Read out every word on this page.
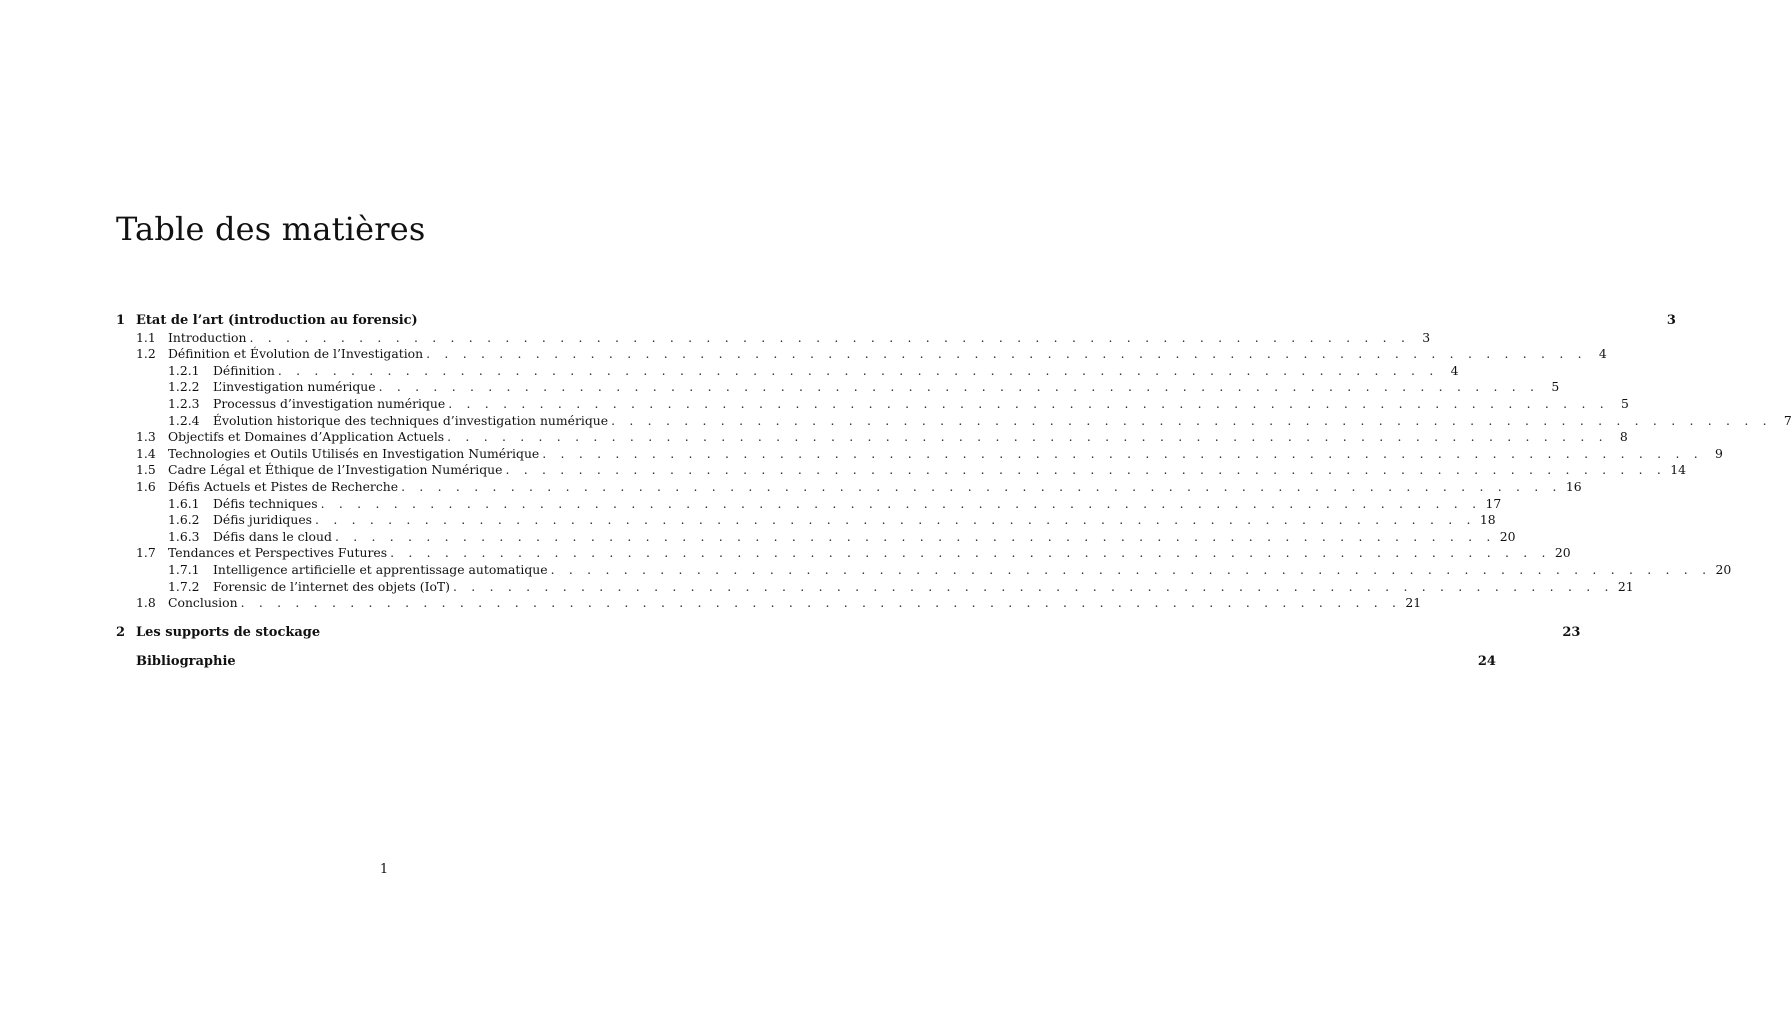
Table des matières
1 Etat de l’art (introduction au forensic)	3
1.1 Introduction . . . . . . . . . . . . . . . . . . . . . . . . . . . . . . . . . . . . . . . . . . . . . . . . . . . . . . . . . . . . . . . . 3
1.2 Définition et Évolution de l’Investigation . . . . . . . . . . . . . . . . . . . . . . . . . . . . . . . . . . . . . . . . . . . . . . . . . . . . . . . . . . . . . . . . 4
1.2.1	Définition . . . . . . . . . . . . . . . . . . . . . . . . . . . . . . . . . . . . . . . . . . . . . . . . . . . . . . . . . . . . . . . . 4
1.2.2	L’investigation numérique . . . . . . . . . . . . . . . . . . . . . . . . . . . . . . . . . . . . . . . . . . . . . . . . . . . . . . . . . . . . . . . . 5
1.2.3	Processus d’investigation numérique . . . . . . . . . . . . . . . . . . . . . . . . . . . . . . . . . . . . . . . . . . . . . . . . . . . . . . . . . . . . . . . . 5
1.2.4	Évolution historique des techniques d’investigation numérique . . . . . . . . . . . . . . . . . . . . . . . . . . . . . . . . . . . . . . . . . . . . . . . . . . . . . . . . . . . . . . . . 7
1.3 Objectifs et Domaines d’Application Actuels . . . . . . . . . . . . . . . . . . . . . . . . . . . . . . . . . . . . . . . . . . . . . . . . . . . . . . . . . . . . . . . . 8
1.4 Technologies et Outils Utilisés en Investigation Numérique . . . . . . . . . . . . . . . . . . . . . . . . . . . . . . . . . . . . . . . . . . . . . . . . . . . . . . . . . . . . . . . . 9
1.5 Cadre Légal et Éthique de l’Investigation Numérique . . . . . . . . . . . . . . . . . . . . . . . . . . . . . . . . . . . . . . . . . . . . . . . . . . . . . . . . . . . . . . . . 14
1.6 Défis Actuels et Pistes de Recherche . . . . . . . . . . . . . . . . . . . . . . . . . . . . . . . . . . . . . . . . . . . . . . . . . . . . . . . . . . . . . . . . 16
1.6.1	Défis techniques . . . . . . . . . . . . . . . . . . . . . . . . . . . . . . . . . . . . . . . . . . . . . . . . . . . . . . . . . . . . . . . . 17
1.6.2	Défis juridiques . . . . . . . . . . . . . . . . . . . . . . . . . . . . . . . . . . . . . . . . . . . . . . . . . . . . . . . . . . . . . . . . 18
1.6.3	Défis dans le cloud . . . . . . . . . . . . . . . . . . . . . . . . . . . . . . . . . . . . . . . . . . . . . . . . . . . . . . . . . . . . . . . . 20
1.7 Tendances et Perspectives Futures . . . . . . . . . . . . . . . . . . . . . . . . . . . . . . . . . . . . . . . . . . . . . . . . . . . . . . . . . . . . . . . . 20
1.7.1	Intelligence artificielle et apprentissage automatique . . . . . . . . . . . . . . . . . . . . . . . . . . . . . . . . . . . . . . . . . . . . . . . . . . . . . . . . . . . . . . . . 20
1.7.2	Forensic de l’internet des objets (IoT) . . . . . . . . . . . . . . . . . . . . . . . . . . . . . . . . . . . . . . . . . . . . . . . . . . . . . . . . . . . . . . . . 21
1.8 Conclusion . . . . . . . . . . . . . . . . . . . . . . . . . . . . . . . . . . . . . . . . . . . . . . . . . . . . . . . . . . . . . . . . 21
2 Les supports de stockage	23
Bibliographie	24
1
